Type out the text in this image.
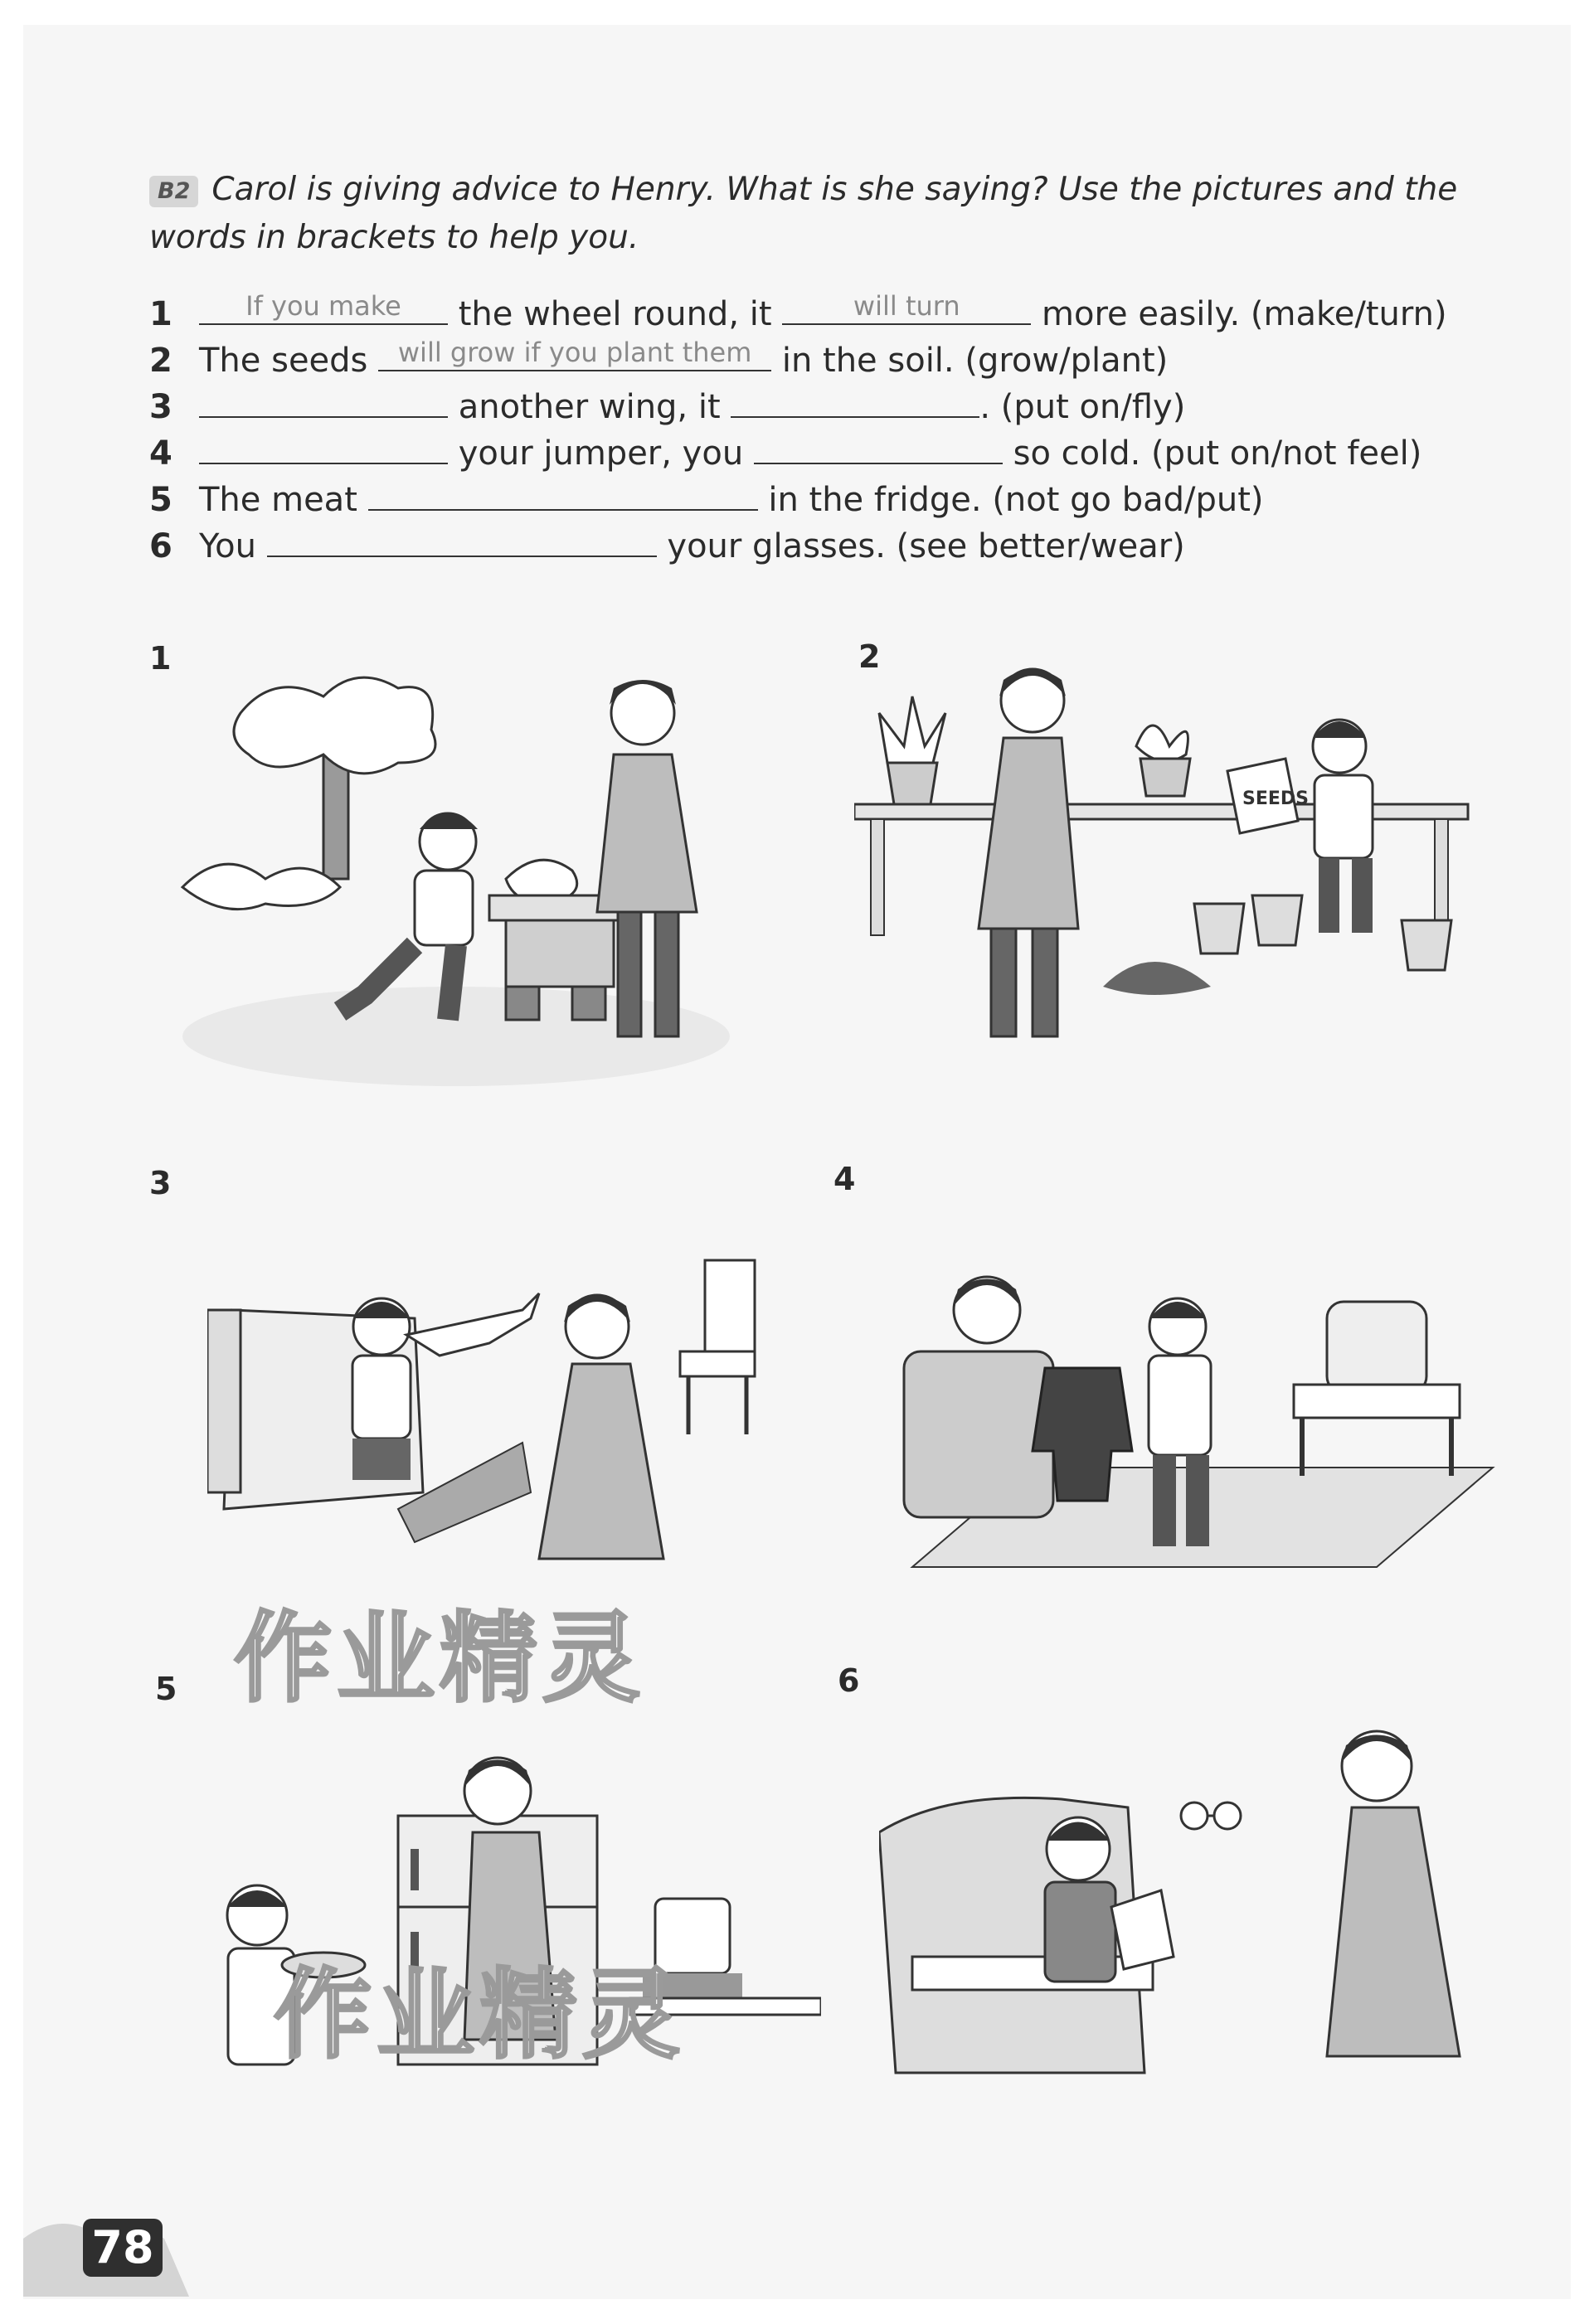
B2 Carol is giving advice to Henry. What is she saying? Use the pictures and the words in brackets to help you.
1	If you make	the wheel round, it	will turn	more easily. (make/turn)
2 The seeds	will grow if you plant them in the soil. (grow/plant)
3	another wing, it	. (put on/fly)
4	your jumper, you	so cold. (put on/not feel)
5 The meat	in the fridge. (not go bad/put)
6 You	your glasses. (see better/wear)
1	2
3	4
5	6
SEEDS
作业精灵
作业精灵
78
